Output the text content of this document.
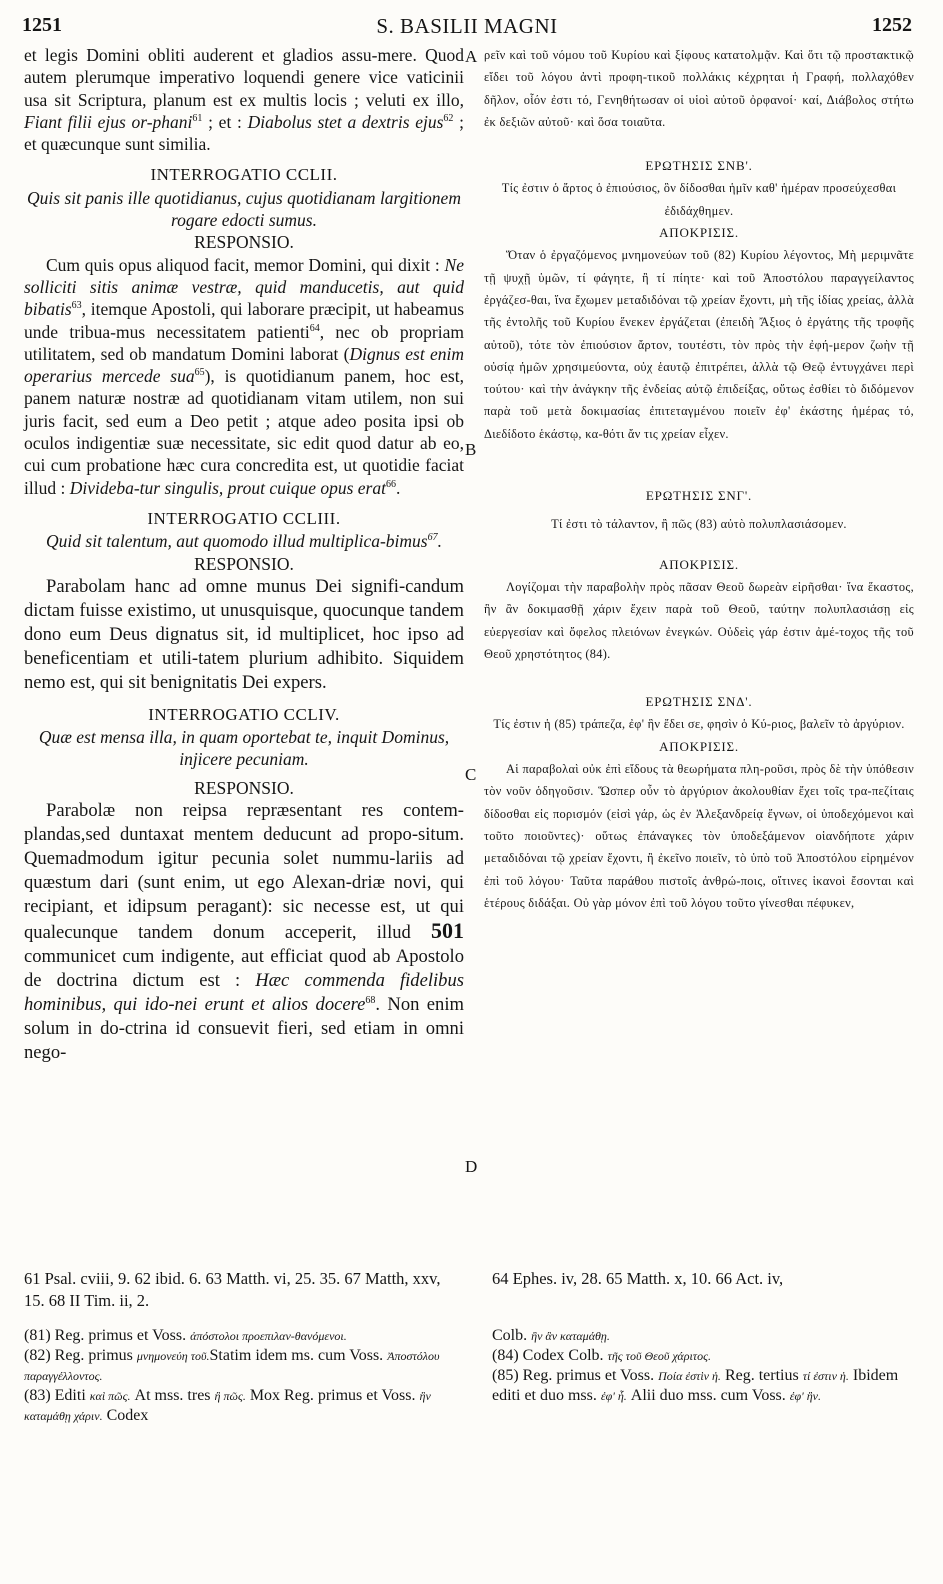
1251	S. BASILII MAGNI	1252
A
B
C
D

et legis Domini obliti auderent et gladios assu-mere. Quod autem plerumque imperativo loquendi genere vice vaticinii usa sit Scriptura, planum est ex multis locis ; veluti ex illo, Fiant filii ejus or-phani$^{61}$ ; et : Diabolus stet a dextris ejus$^{62}$ ; et quæcunque sunt similia.

INTERROGATIO CCLII.

Quis sit panis ille quotidianus, cujus quotidianam largitionem rogare edocti sumus.

RESPONSIO.

Cum quis opus aliquod facit, memor Domini, qui dixit : Ne solliciti sitis animæ vestræ, quid manducetis, aut quid bibatis$^{63}$, itemque Apostoli, qui laborare præcipit, ut habeamus unde tribua-mus necessitatem patienti$^{64}$, nec ob propriam utilitatem, sed ob mandatum Domini laborat (Dignus est enim operarius mercede sua$^{65}$), is quotidianum panem, hoc est, panem naturæ nostræ ad quotidianam vitam utilem, non sui juris facit, sed eum a Deo petit ; atque adeo posita ipsi ob oculos indigentiæ suæ necessitate, sic edit quod datur ab eo, cui cum probatione hæc cura concredita est, ut quotidie faciat illud : Divideba-tur singulis, prout cuique opus erat$^{66}$.

INTERROGATIO CCLIII.

Quid sit talentum, aut quomodo illud multiplica-bimus$^{67}$.

RESPONSIO.

Parabolam hanc ad omne munus Dei signifi-candum dictam fuisse existimo, ut unusquisque, quocunque tandem dono eum Deus dignatus sit, id multiplicet, hoc ipso ad beneficentiam et utili-tatem plurium adhibito. Siquidem nemo est, qui sit benignitatis Dei expers.

INTERROGATIO CCLIV.

Quæ est mensa illa, in quam oportebat te, inquit Dominus, injicere pecuniam.

RESPONSIO.

Parabolæ non reipsa repræsentant res contem-plandas,sed duntaxat mentem deducunt ad propo-situm. Quemadmodum igitur pecunia solet nummu-lariis ad quæstum dari (sunt enim, ut ego Alexan-driæ novi, qui recipiant, et idipsum peragant): sic necesse est, ut qui qualecunque tandem donum acceperit, illud 501 communicet cum indigente, aut efficiat quod ab Apostolo de doctrina dictum est : Hæc commenda fidelibus hominibus, qui ido-nei erunt et alios docere$^{68}$. Non enim solum in do-ctrina id consuevit fieri, sed etiam in omni nego-

ρεῖν καὶ τοῦ νόμου τοῦ Κυρίου καὶ ξίφους κατατολμᾷν. Καὶ ὅτι τῷ προστακτικῷ εἴδει τοῦ λόγου ἀντὶ προφη-τικοῦ πολλάκις κέχρηται ἡ Γραφή, πολλαχόθεν δῆλον, οἷόν ἐστι τό, Γενηθήτωσαν οἱ υἱοὶ αὐτοῦ ὀρφανοί· καί, Διάβολος στήτω ἐκ δεξιῶν αὐτοῦ· καὶ ὅσα τοιαῦτα.

ΕΡΩΤΗΣΙΣ ΣΝΒ'.

Τίς ἐστιν ὁ ἄρτος ὁ ἐπιούσιος, ὃν δίδοσθαι ἡμῖν καθ' ἡμέραν προσεύχεσθαι ἐδιδάχθημεν.

ΑΠΟΚΡΙΣΙΣ.

Ὅταν ὁ ἐργαζόμενος μνημονεύων τοῦ (82) Κυρίου λέγοντος, Μὴ μεριμνᾶτε τῇ ψυχῇ ὑμῶν, τί φάγητε, ἢ τί πίητε· καὶ τοῦ Ἀποστόλου παραγγείλαντος ἐργάζεσ-θαι, ἵνα ἔχωμεν μεταδιδόναι τῷ χρείαν ἔχοντι, μὴ τῆς ἰδίας χρείας, ἀλλὰ τῆς ἐντολῆς τοῦ Κυρίου ἕνεκεν ἐργάζεται (ἐπειδὴ Ἄξιος ὁ ἐργάτης τῆς τροφῆς αὐτοῦ), τότε τὸν ἐπιούσιον ἄρτον, τουτέστι, τὸν πρὸς τὴν ἐφή-μερον ζωὴν τῇ οὐσίᾳ ἡμῶν χρησιμεύοντα, οὐχ ἑαυτῷ ἐπιτρέπει, ἀλλὰ τῷ Θεῷ ἐντυγχάνει περὶ τούτου· καὶ τὴν ἀνάγκην τῆς ἐνδείας αὐτῷ ἐπιδείξας, οὕτως ἐσθίει τὸ διδόμενον παρὰ τοῦ μετὰ δοκιμασίας ἐπιτεταγμένου ποιεῖν ἐφ' ἑκάστης ἡμέρας τό, Διεδίδοτο ἑκάστῳ, κα-θότι ἄν τις χρείαν εἶχεν.

ΕΡΩΤΗΣΙΣ ΣΝΓ'.

Τί ἐστι τὸ τάλαντον, ἢ πῶς (83) αὐτὸ πολυπλασιάσομεν.

ΑΠΟΚΡΙΣΙΣ.

Λογίζομαι τὴν παραβολὴν πρὸς πᾶσαν Θεοῦ δωρεὰν εἰρῆσθαι· ἵνα ἕκαστος, ἣν ἂν δοκιμασθῇ χάριν ἔχειν παρὰ τοῦ Θεοῦ, ταύτην πολυπλασιάσῃ εἰς εὐεργεσίαν καὶ ὄφελος πλειόνων ἐνεγκών. Οὐδεὶς γάρ ἐστιν ἀμέ-τοχος τῆς τοῦ Θεοῦ χρηστότητος (84).

ΕΡΩΤΗΣΙΣ ΣΝΔ'.

Τίς ἐστιν ἡ (85) τράπεζα, ἐφ' ἣν ἔδει σε, φησὶν ὁ Κύ-ριος, βαλεῖν τὸ ἀργύριον.

ΑΠΟΚΡΙΣΙΣ.

Αἱ παραβολαὶ οὐκ ἐπὶ εἴδους τὰ θεωρήματα πλη-ροῦσι, πρὸς δὲ τὴν ὑπόθεσιν τὸν νοῦν ὁδηγοῦσιν. Ὥσπερ οὖν τὸ ἀργύριον ἀκολουθίαν ἔχει τοῖς τρα-πεζίταις δίδοσθαι εἰς πορισμόν (εἰσὶ γάρ, ὡς ἐν Ἀλεξανδρείᾳ ἔγνων, οἱ ὑποδεχόμενοι καὶ τοῦτο ποιοῦντες)· οὕτως ἐπάναγκες τὸν ὑποδεξάμενον οἱανδήποτε χάριν μεταδιδόναι τῷ χρείαν ἔχοντι, ἢ ἐκεῖνο ποιεῖν, τὸ ὑπὸ τοῦ Ἀποστόλου εἰρημένον ἐπὶ τοῦ λόγου· Ταῦτα παράθου πιστοῖς ἀνθρώ-ποις, οἵτινες ἱκανοὶ ἔσονται καὶ ἑτέρους διδάξαι. Οὐ γὰρ μόνον ἐπὶ τοῦ λόγου τοῦτο γίνεσθαι πέφυκεν,

61 Psal. cviii, 9. 62 ibid. 6. 63 Matth. vi, 25. 35. 67 Matth, xxv, 15. 68 II Tim. ii, 2.
64 Ephes. iv, 28. 65 Matth. x, 10. 66 Act. iv,
(81) Reg. primus et Voss. ἀπόστολοι προεπιλαν-θανόμενοι.
(82) Reg. primus μνημονεύη τοῦ.Statim idem ms. cum Voss. Ἀποστόλου παραγγέλλοντος.
(83) Editi καὶ πῶς. At mss. tres ἢ πῶς. Mox Reg. primus et Voss. ἣν καταμάθῃ χάριν. Codex
Colb. ἣν ἂν καταμάθῃ.
(84) Codex Colb. τῆς τοῦ Θεοῦ χάριτος.
(85) Reg. primus et Voss. Ποία ἐστὶν ἡ. Reg. tertius τί ἐστιν ἡ. Ibidem editi et duo mss. ἐφ' ἧ. Alii duo mss. cum Voss. ἐφ' ἣν.
